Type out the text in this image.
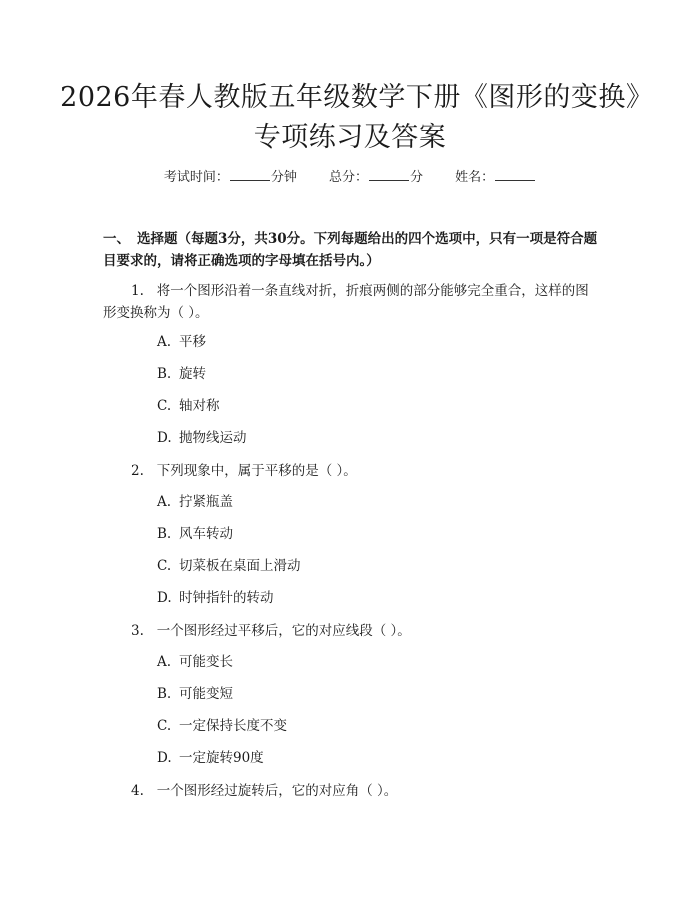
2026年春人教版五年级数学下册《图形的变换》专项练习及答案
考试时间：	分钟 总分：	分 姓名：
一、 选择题（每题3分，共30分。下列每题给出的四个选项中，只有一项是符合题目要求的，请将正确选项的字母填在括号内。）
1. 将一个图形沿着一条直线对折，折痕两侧的部分能够完全重合，这样的图形变换称为（ ）。
A. 平移
B. 旋转
C. 轴对称
D. 抛物线运动
2. 下列现象中，属于平移的是（ ）。
A. 拧紧瓶盖
B. 风车转动
C. 切菜板在桌面上滑动
D. 时钟指针的转动
3. 一个图形经过平移后，它的对应线段（ ）。
A. 可能变长
B. 可能变短
C. 一定保持长度不变
D. 一定旋转90度
4. 一个图形经过旋转后，它的对应角（ ）。
